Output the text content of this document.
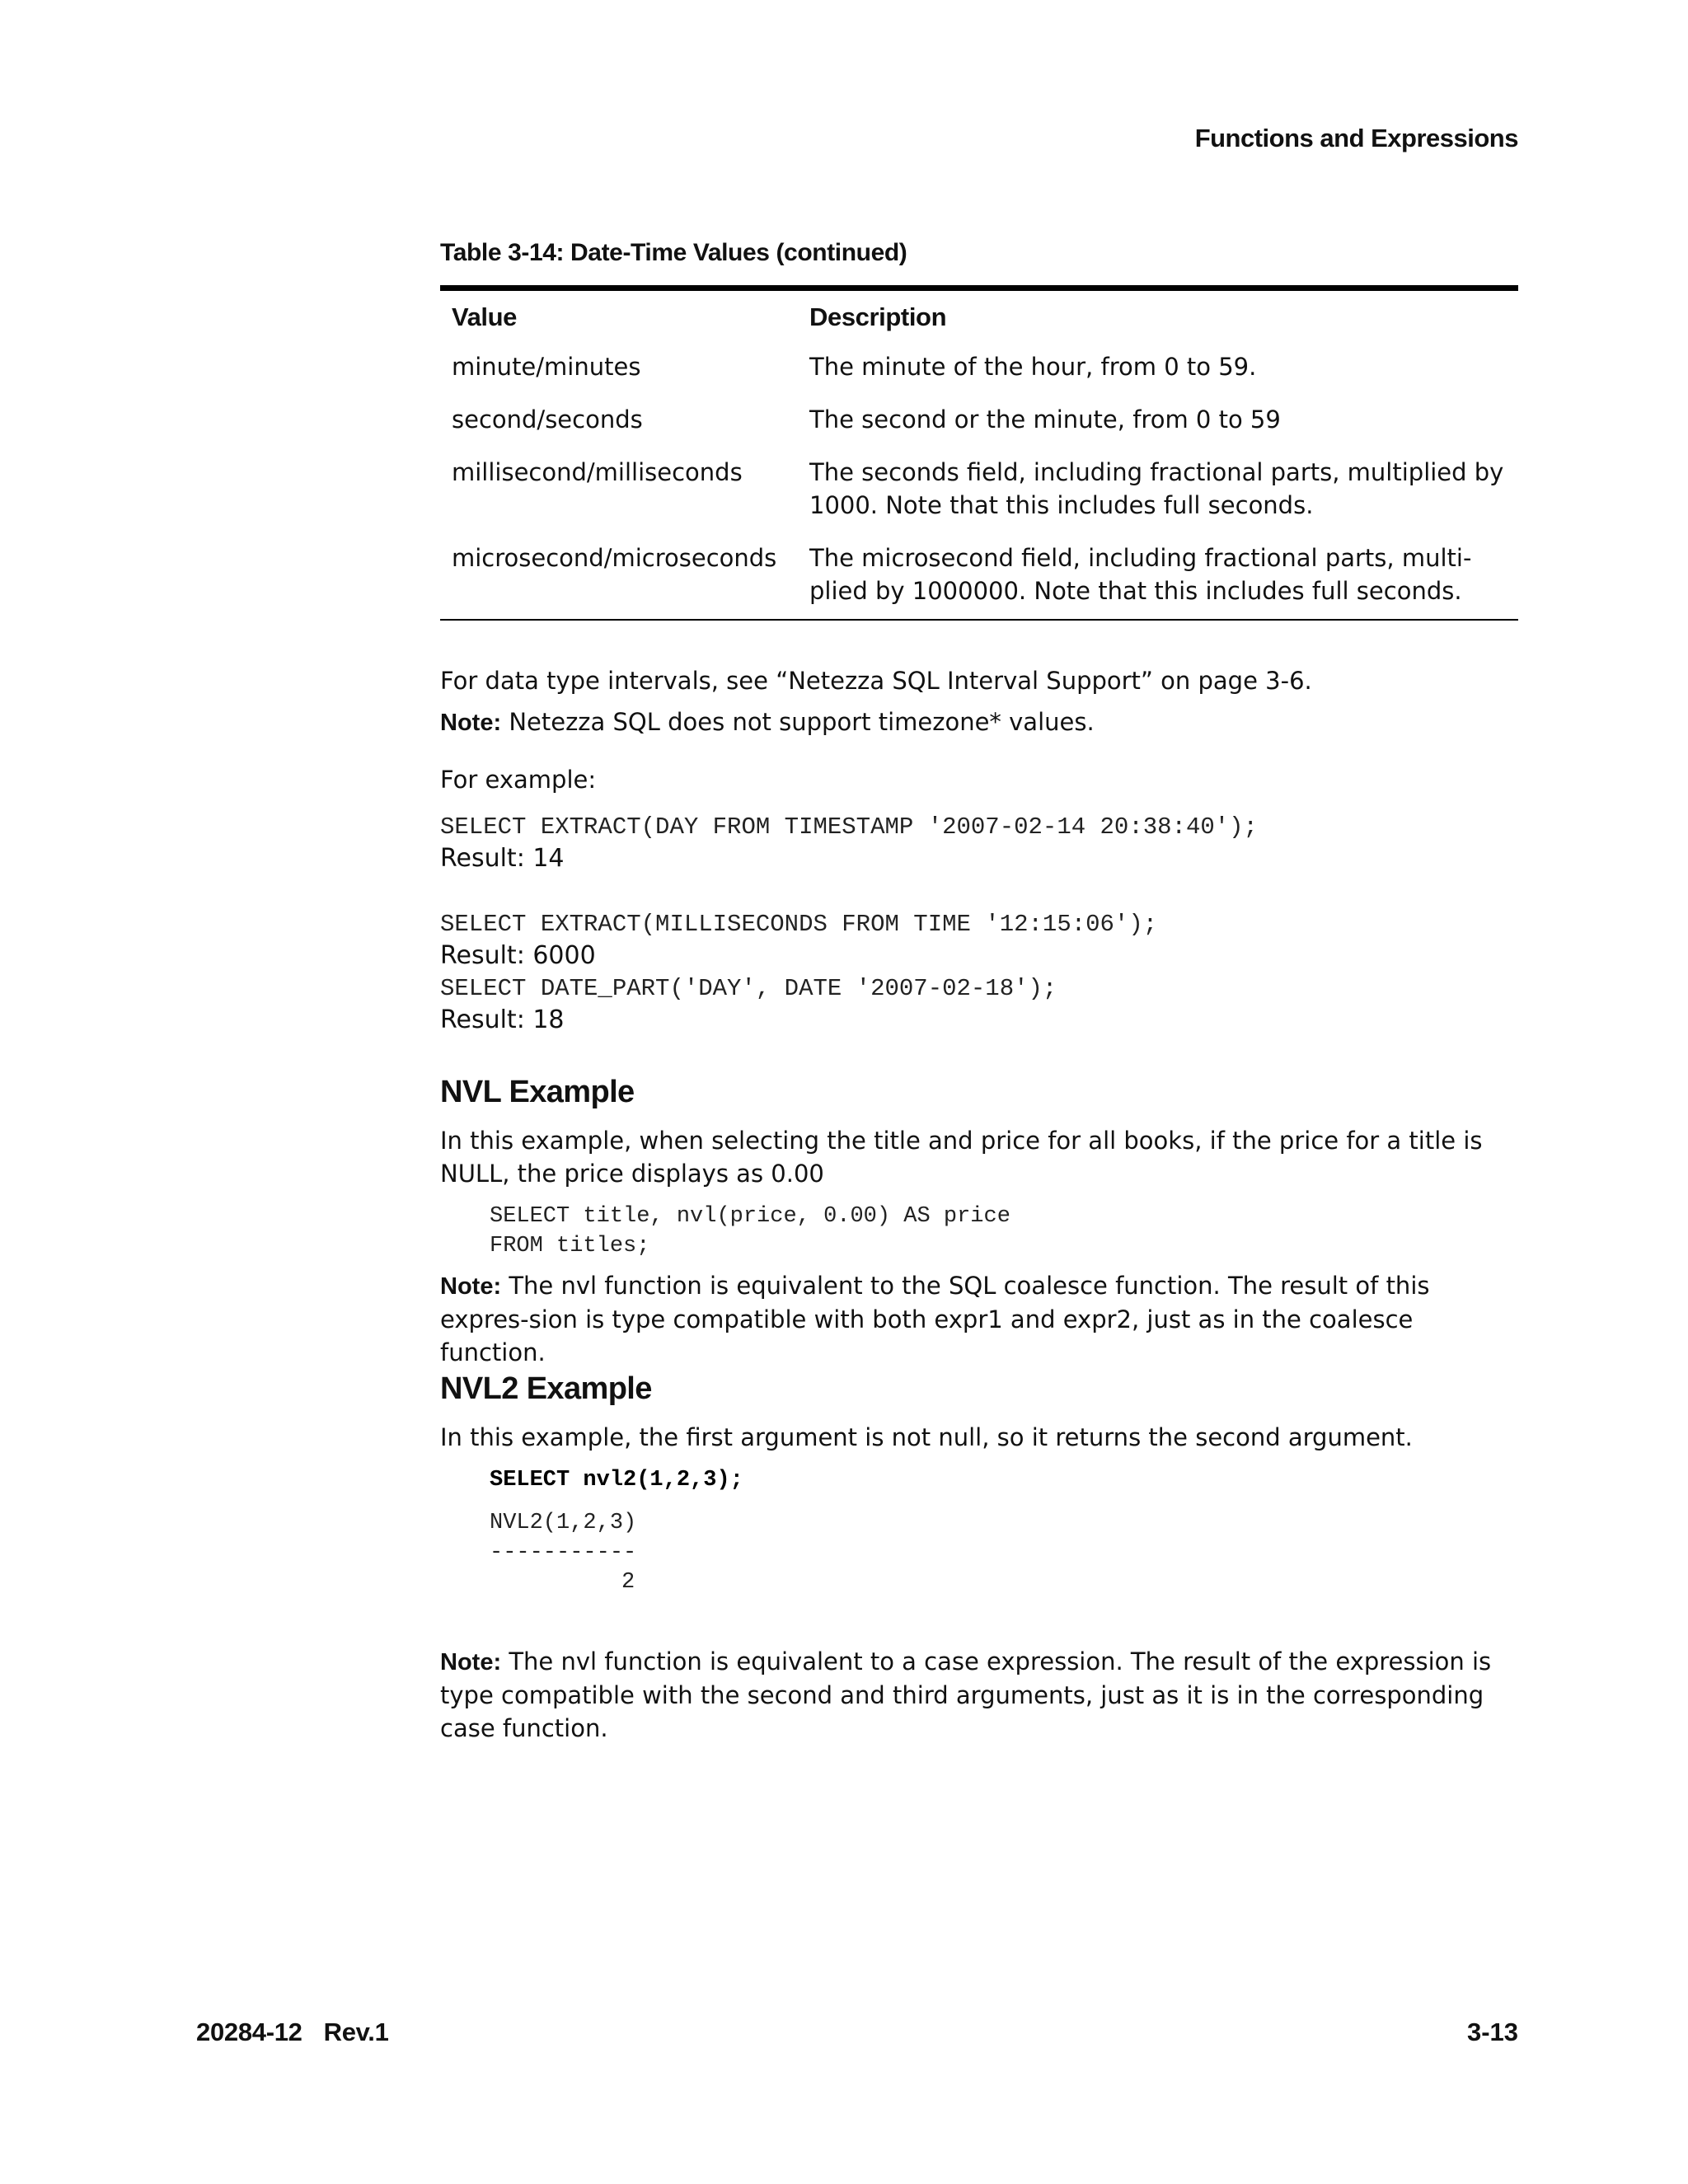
Functions and Expressions
Table 3-14: Date-Time Values (continued)
Value	Description
minute/minutes	The minute of the hour, from 0 to 59.
second/seconds	The second or the minute, from 0 to 59
millisecond/milliseconds	The seconds field, including fractional parts, multiplied by 1000. Note that this includes full seconds.
microsecond/microseconds	The microsecond field, including fractional parts, multi-plied by 1000000. Note that this includes full seconds.
For data type intervals, see “Netezza SQL Interval Support” on page 3-6.
Note: Netezza SQL does not support timezone* values.
For example:
SELECT EXTRACT(DAY FROM TIMESTAMP '2007-02-14 20:38:40');
Result: 14
SELECT EXTRACT(MILLISECONDS FROM TIME '12:15:06');
Result: 6000
SELECT DATE_PART('DAY', DATE '2007-02-18');
Result: 18
NVL Example
In this example, when selecting the title and price for all books, if the price for a title is NULL, the price displays as 0.00
SELECT title, nvl(price, 0.00) AS price
FROM titles;
Note: The nvl function is equivalent to the SQL coalesce function. The result of this expres-sion is type compatible with both expr1 and expr2, just as in the coalesce function.
NVL2 Example
In this example, the first argument is not null, so it returns the second argument.
SELECT nvl2(1,2,3);
NVL2(1,2,3)
-----------
2
Note: The nvl function is equivalent to a case expression. The result of the expression is type compatible with the second and third arguments, just as it is in the corresponding case function.
20284-12 Rev.1	3-13
